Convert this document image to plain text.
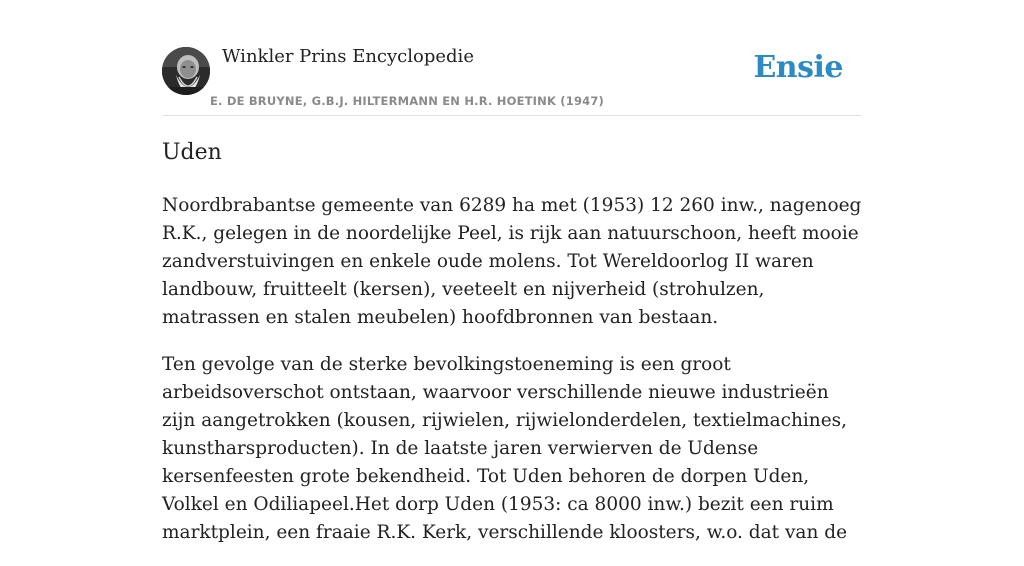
Winkler Prins Encyclopedie
E. DE BRUYNE, G.B.J. HILTERMANN EN H.R. HOETINK (1947)
Ensie
Uden

Noordbrabantse gemeente van 6289 ha met (1953) 12 260 inw., nagenoeg R.K., gelegen in de noordelijke Peel, is rijk aan natuurschoon, heeft mooie zandverstuivingen en enkele oude molens. Tot Wereldoorlog II waren landbouw, fruitteelt (kersen), veeteelt en nijverheid (strohulzen, matrassen en stalen meubelen) hoofdbronnen van bestaan.

Ten gevolge van de sterke bevolkingstoeneming is een groot arbeidsoverschot ontstaan, waarvoor verschillende nieuwe industrieën zijn aangetrokken (kousen, rijwielen, rijwielonderdelen, textielmachines, kunstharsproducten). In de laatste jaren verwierven de Udense kersenfeesten grote bekendheid. Tot Uden behoren de dorpen Uden, Volkel en Odiliapeel.Het dorp Uden (1953: ca 8000 inw.) bezit een ruim marktplein, een fraaie R.K. Kerk, verschillende kloosters, w.o. dat van de
